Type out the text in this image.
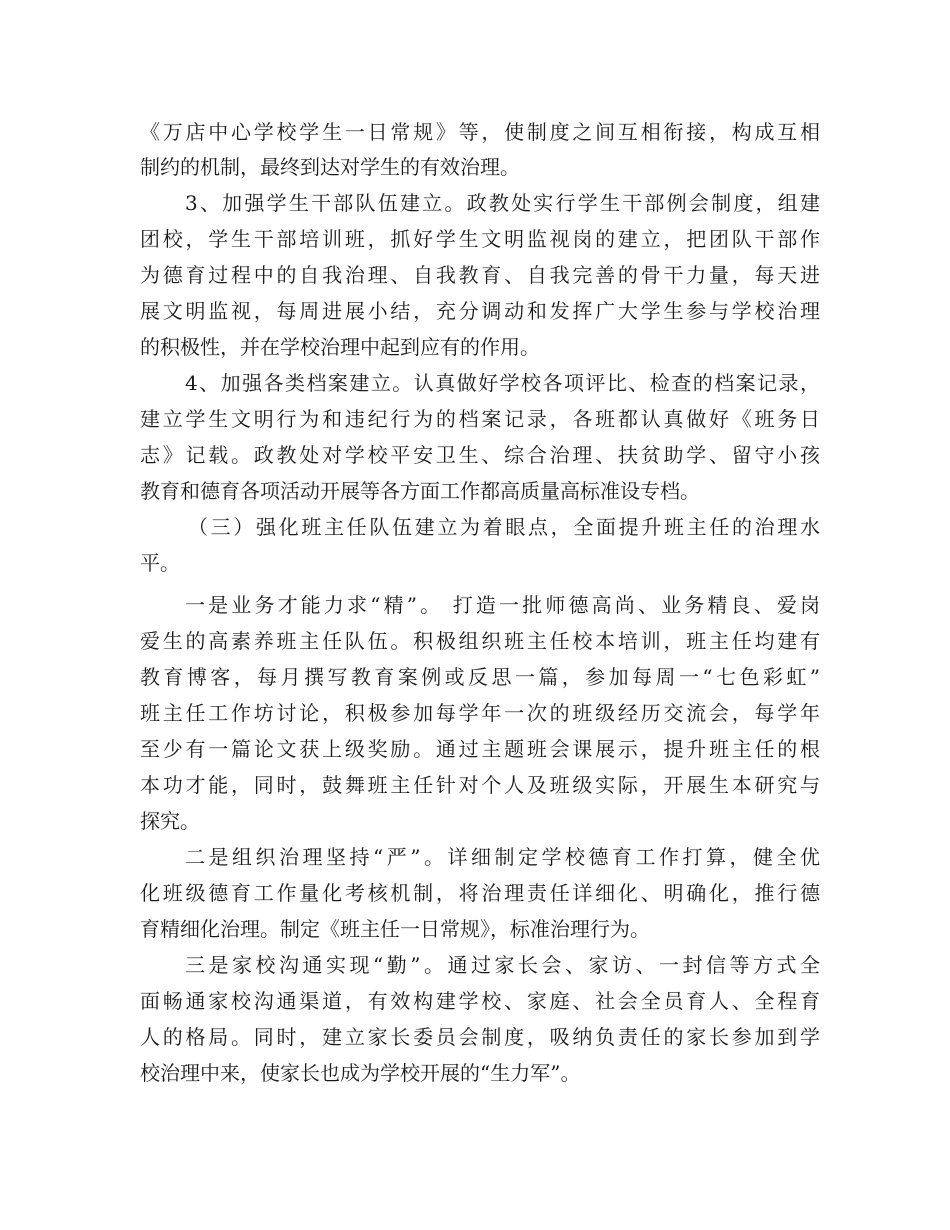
《万店中心学校学生一日常规》等，使制度之间互相衔接，构成互相
制约的机制，最终到达对学生的有效治理。
3、加强学生干部队伍建立。政教处实行学生干部例会制度，组建
团校，学生干部培训班，抓好学生文明监视岗的建立，把团队干部作
为德育过程中的自我治理、自我教育、自我完善的骨干力量，每天进
展文明监视，每周进展小结，充分调动和发挥广大学生参与学校治理
的积极性，并在学校治理中起到应有的作用。
4、加强各类档案建立。认真做好学校各项评比、检查的档案记录，
建立学生文明行为和违纪行为的档案记录，各班都认真做好《班务日
志》记载。政教处对学校平安卫生、综合治理、扶贫助学、留守小孩
教育和德育各项活动开展等各方面工作都高质量高标准设专档。
（三）强化班主任队伍建立为着眼点，全面提升班主任的治理水
平。
一是业务才能力求“精”。 打造一批师德高尚、业务精良、爱岗
爱生的高素养班主任队伍。积极组织班主任校本培训，班主任均建有
教育博客，每月撰写教育案例或反思一篇，参加每周一“七色彩虹”
班主任工作坊讨论，积极参加每学年一次的班级经历交流会，每学年
至少有一篇论文获上级奖励。通过主题班会课展示，提升班主任的根
本功才能，同时，鼓舞班主任针对个人及班级实际，开展生本研究与
探究。
二是组织治理坚持“严”。详细制定学校德育工作打算，健全优
化班级德育工作量化考核机制，将治理责任详细化、明确化，推行德
育精细化治理。制定《班主任一日常规》，标准治理行为。
三是家校沟通实现“勤”。通过家长会、家访、一封信等方式全
面畅通家校沟通渠道，有效构建学校、家庭、社会全员育人、全程育
人的格局。同时，建立家长委员会制度，吸纳负责任的家长参加到学
校治理中来，使家长也成为学校开展的“生力军”。
